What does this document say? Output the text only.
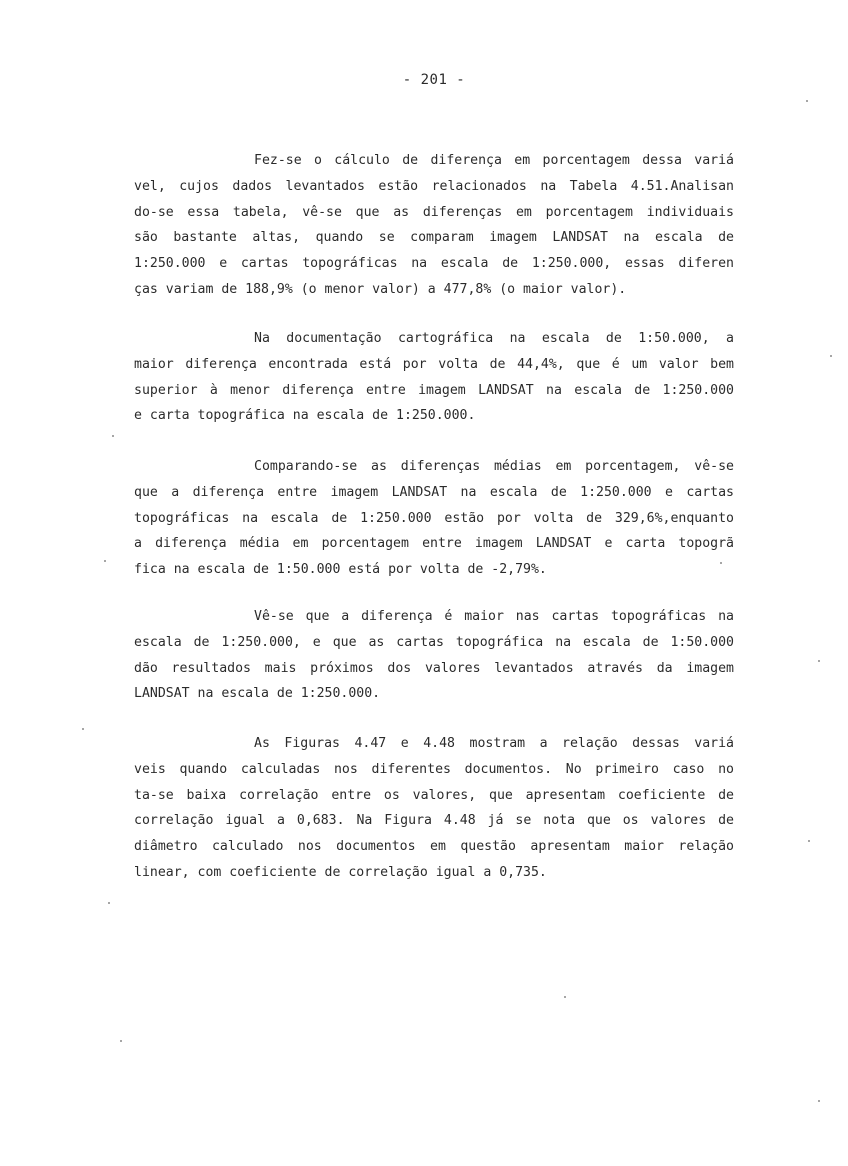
- 201 -
Fez-se o cálculo de diferença em porcentagem dessa variá
vel, cujos dados levantados estão relacionados na Tabela 4.51.Analisan
do-se essa tabela, vê-se que as diferenças em porcentagem individuais
são bastante altas, quando se comparam imagem LANDSAT na escala de
1:250.000 e cartas topográficas na escala de 1:250.000, essas diferen
ças variam de 188,9% (o menor valor) a 477,8% (o maior valor).
Na documentação cartográfica na escala de 1:50.000, a
maior diferença encontrada está por volta de 44,4%, que é um valor bem
superior à menor diferença entre imagem LANDSAT na escala de 1:250.000
e carta topográfica na escala de 1:250.000.
Comparando-se as diferenças médias em porcentagem, vê-se
que a diferença entre imagem LANDSAT na escala de 1:250.000 e cartas
topográficas na escala de 1:250.000 estão por volta de 329,6%,enquanto
a diferença média em porcentagem entre imagem LANDSAT e carta topogrã
fica na escala de 1:50.000 está por volta de -2,79%.
Vê-se que a diferença é maior nas cartas topográficas na
escala de 1:250.000, e que as cartas topográfica na escala de 1:50.000
dão resultados mais próximos dos valores levantados através da imagem
LANDSAT na escala de 1:250.000.
As Figuras 4.47 e 4.48 mostram a relação dessas variá
veis quando calculadas nos diferentes documentos. No primeiro caso no
ta-se baixa correlação entre os valores, que apresentam coeficiente de
correlação igual a 0,683. Na Figura 4.48 já se nota que os valores de
diâmetro calculado nos documentos em questão apresentam maior relação
linear, com coeficiente de correlação igual a 0,735.
